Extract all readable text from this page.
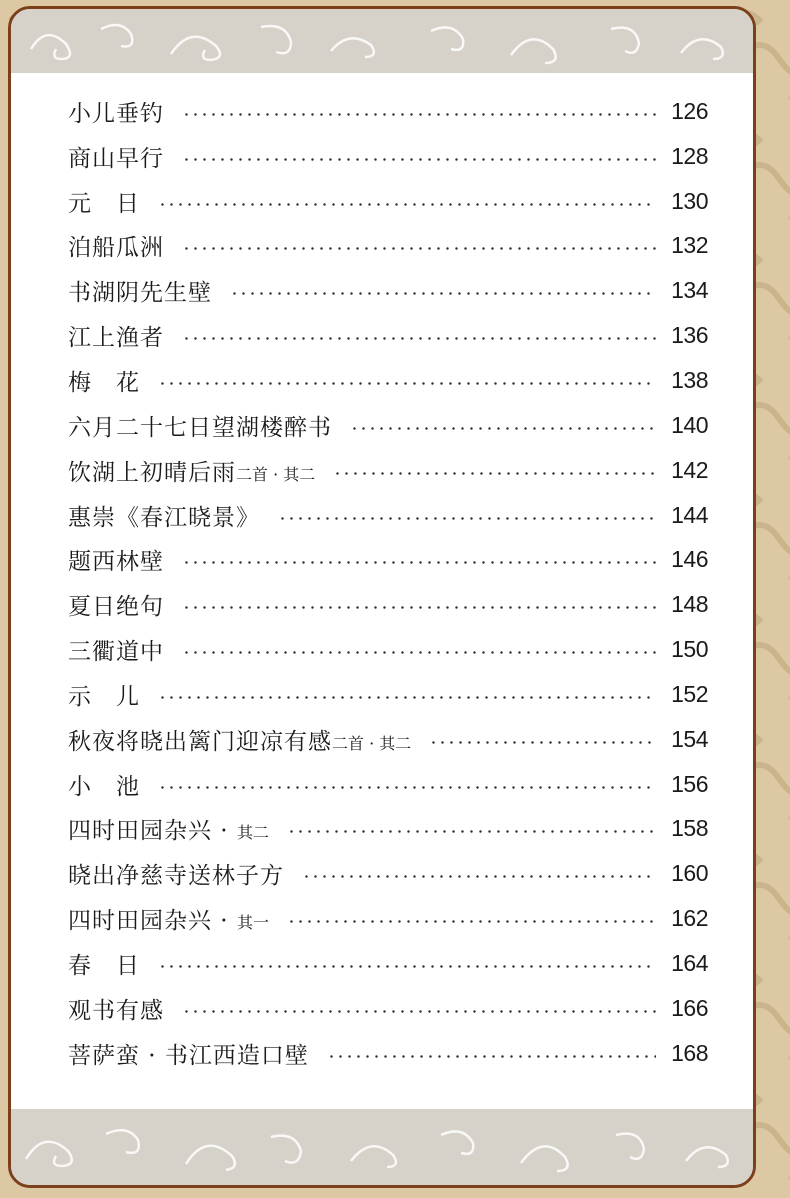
小儿垂钓	126
商山早行	128
元　日	130
泊船瓜洲	132
书湖阴先生壁	134
江上渔者	136
梅　花	138
六月二十七日望湖楼醉书	140
饮湖上初晴后雨二首 · 其二	142
惠崇《春江晓景》	144
题西林壁	146
夏日绝句	148
三衢道中	150
示　儿	152
秋夜将晓出篱门迎凉有感二首 · 其二	154
小　池	156
四时田园杂兴 · 其二	158
晓出净慈寺送林子方	160
四时田园杂兴 · 其一	162
春　日	164
观书有感	166
菩萨蛮 · 书江西造口壁	168
